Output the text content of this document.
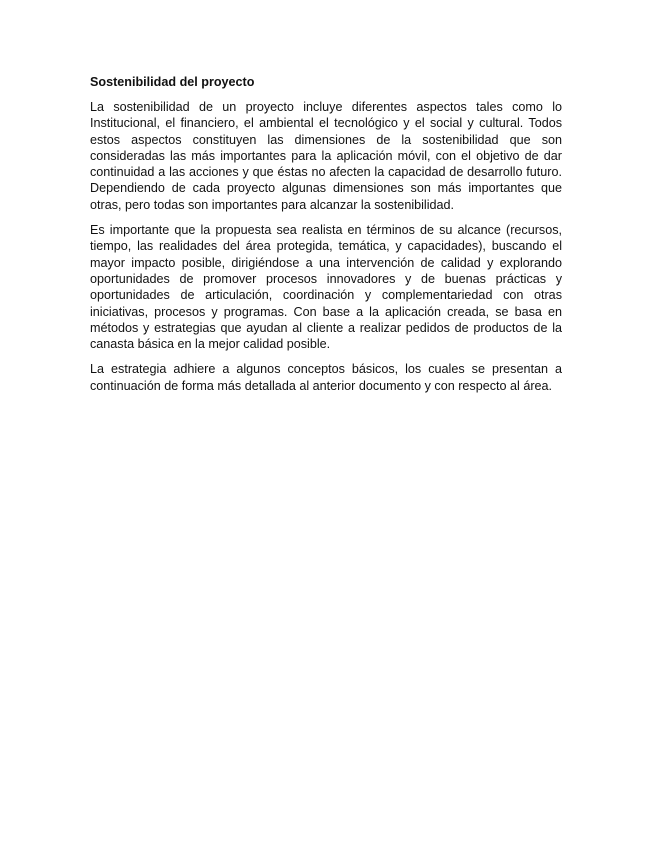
Sostenibilidad del proyecto

La sostenibilidad de un proyecto incluye diferentes aspectos tales como lo Institucional, el financiero, el ambiental el tecnológico y el social y cultural. Todos estos aspectos constituyen las dimensiones de la sostenibilidad que son consideradas las más importantes para la aplicación móvil, con el objetivo de dar continuidad a las acciones y que éstas no afecten la capacidad de desarrollo futuro. Dependiendo de cada proyecto algunas dimensiones son más importantes que otras, pero todas son importantes para alcanzar la sostenibilidad.

Es importante que la propuesta sea realista en términos de su alcance (recursos, tiempo, las realidades del área protegida, temática, y capacidades), buscando el mayor impacto posible, dirigiéndose a una intervención de calidad y explorando oportunidades de promover procesos innovadores y de buenas prácticas y oportunidades de articulación, coordinación y complementariedad con otras iniciativas, procesos y programas. Con base a la aplicación creada, se basa en métodos y estrategias que ayudan al cliente a realizar pedidos de productos de la canasta básica en la mejor calidad posible.

La estrategia adhiere a algunos conceptos básicos, los cuales se presentan a continuación de forma más detallada al anterior documento y con respecto al área.
